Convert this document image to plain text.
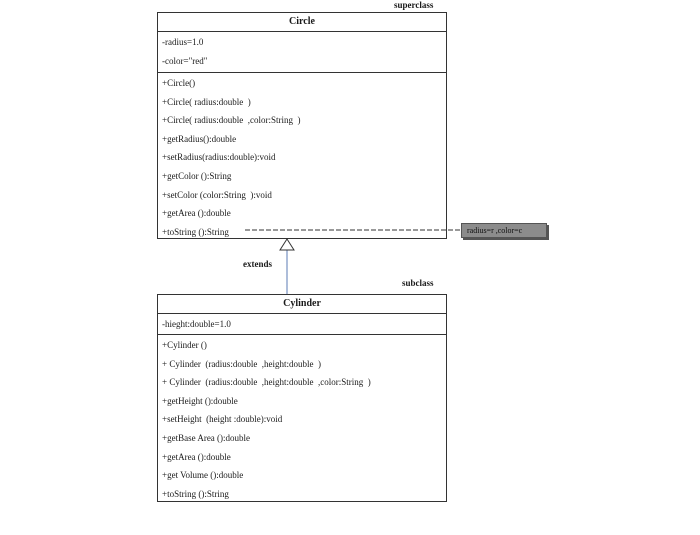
superclass
Circle
-radius=1.0
-color="red"
+Circle()
+Circle( radius:double  )
+Circle( radius:double  ,color:String  )
+getRadius():double
+setRadius(radius:double):void
+getColor ():String
+setColor (color:String  ):void
+getArea ():double
+toString ():String
extends
subclass
radius=r ,color=c
Cylinder
-hieght:double=1.0
+Cylinder ()
+ Cylinder  (radius:double  ,height:double  )
+ Cylinder  (radius:double  ,height:double  ,color:String  )
+getHeight ():double
+setHeight  (height :double):void
+getBase Area ():double
+getArea ():double
+get Volume ():double
+toString ():String
